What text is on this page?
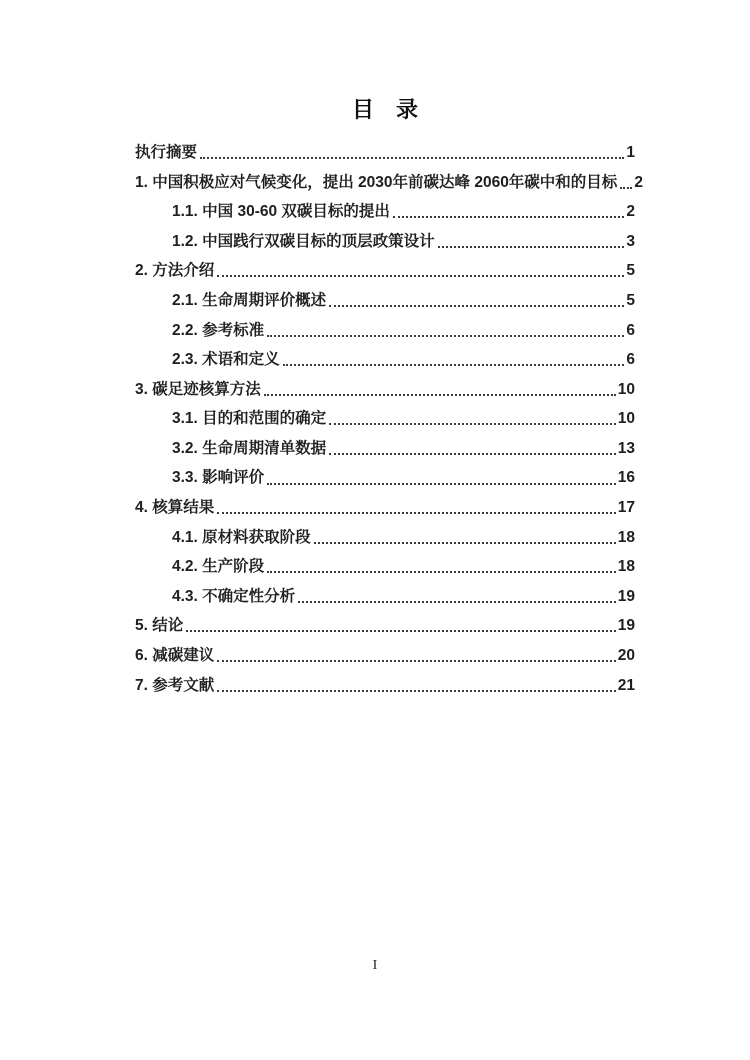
目　录
执行摘要	1
1. 中国积极应对气候变化，提出 2030年前碳达峰 2060年碳中和的目标 2
1.1. 中国 30-60 双碳目标的提出	2
1.2. 中国践行双碳目标的顶层政策设计	3
2. 方法介绍	5
2.1. 生命周期评价概述	5
2.2. 参考标准	6
2.3. 术语和定义	6
3. 碳足迹核算方法	10
3.1. 目的和范围的确定	10
3.2. 生命周期清单数据	13
3.3. 影响评价	16
4. 核算结果	17
4.1. 原材料获取阶段	18
4.2. 生产阶段	18
4.3. 不确定性分析	19
5. 结论	19
6. 减碳建议	20
7. 参考文献	21
I
